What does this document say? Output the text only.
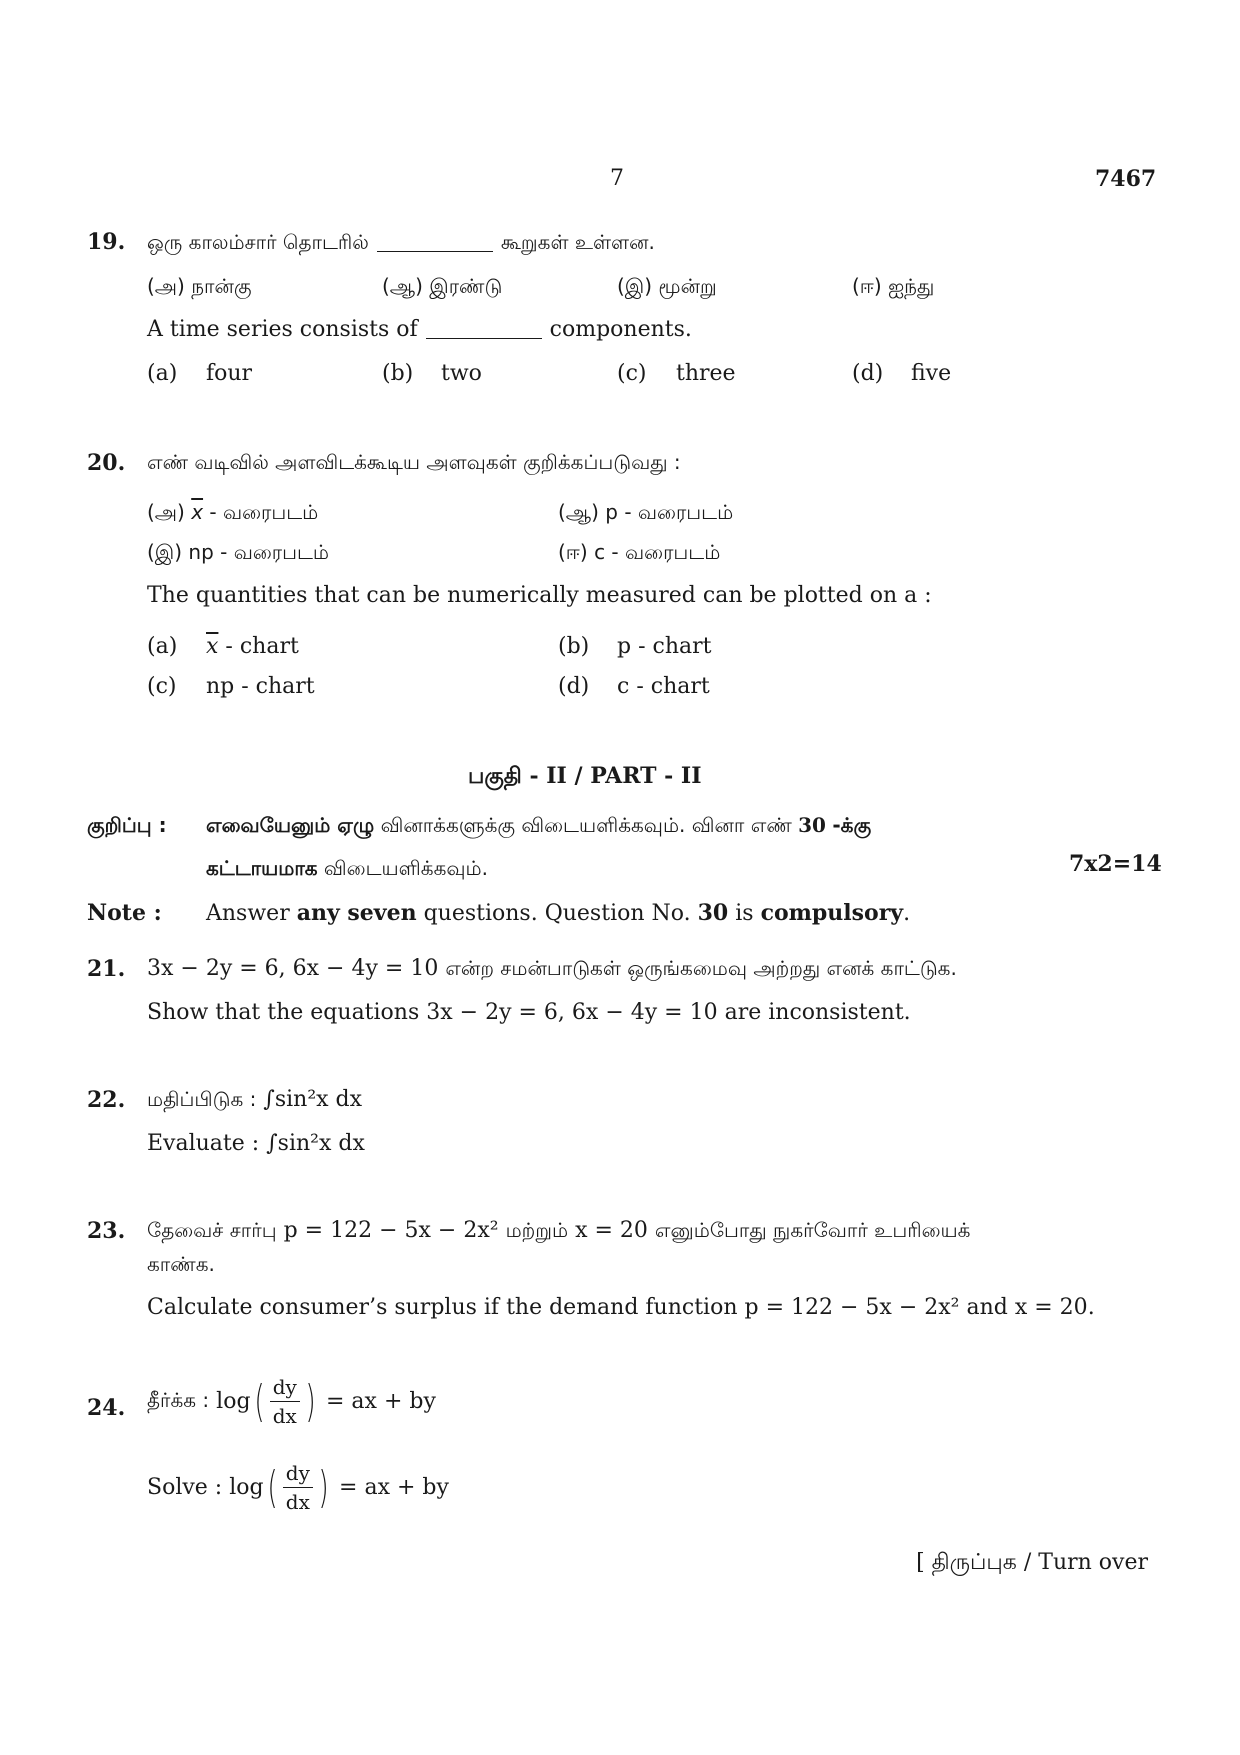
7	7467
19. ஒரு காலம்சார் தொடரில்	கூறுகள் உள்ளன.
(அ) நான்கு	(ஆ) இரண்டு	(இ) மூன்று	(ஈ) ஐந்து
A time series consists of	components.
(a) four	(b) two	(c) three	(d) five
20. எண் வடிவில் அளவிடக்கூடிய அளவுகள் குறிக்கப்படுவது :
(அ) $\overline{x}$ - வரைபடம்	(ஆ) p - வரைபடம்
(இ) np - வரைபடம்	(ஈ) c - வரைபடம்
The quantities that can be numerically measured can be plotted on a :
(a) $\overline{x}$ - chart	(b) p - chart
(c) np - chart	(d) c - chart
பகுதி - II / PART - II
குறிப்பு : எவையேனும் ஏழு வினாக்களுக்கு விடையளிக்கவும். வினா எண் 30 -க்கு
கட்டாயமாக விடையளிக்கவும்.	7x2=14
Note : Answer any seven questions. Question No. 30 is compulsory.
21. 3x − 2y = 6, 6x − 4y = 10 என்ற சமன்பாடுகள் ஒருங்கமைவு அற்றது எனக் காட்டுக.
Show that the equations 3x − 2y = 6, 6x − 4y = 10 are inconsistent.
22. மதிப்பிடுக : ∫sin²x dx
Evaluate : ∫sin²x dx
23. தேவைச் சார்பு p = 122 − 5x − 2x² மற்றும் x = 20 எனும்போது நுகர்வோர் உபரியைக்
காண்க.
Calculate consumer’s surplus if the demand function p = 122 − 5x − 2x² and x = 20.
24. தீர்க்க :
log ( $\frac{dy}{dx}$ )
= ax + by
Solve :
log ( $\frac{dy}{dx}$ )
= ax + by
[ திருப்புக / Turn over
